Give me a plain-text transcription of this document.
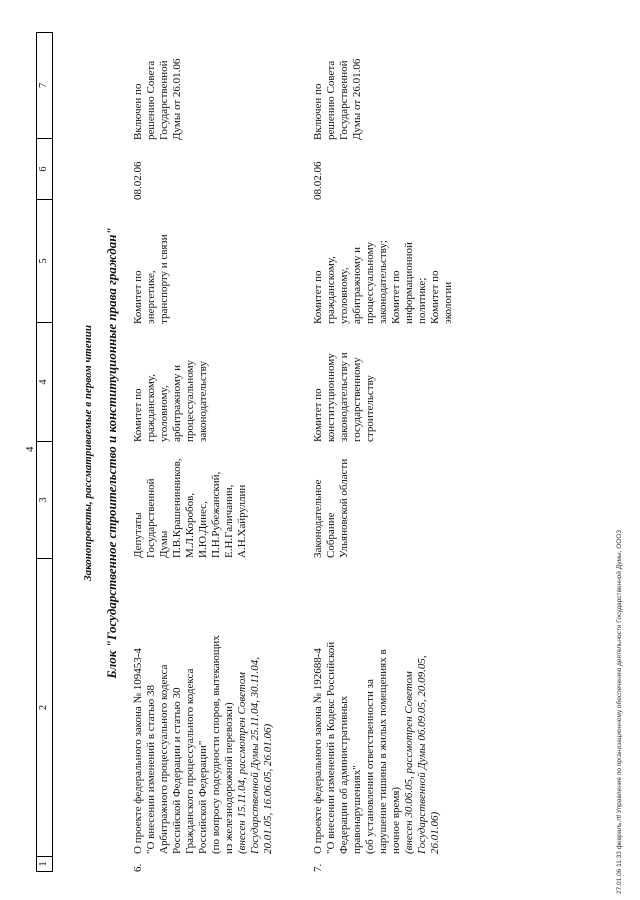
4
1
2
3
4
5
6
7
Законопроекты, рассматриваемые в первом чтении Блок "Государственное строительство и конституционные права граждан"
6.
О проекте федерального закона № 109453-4 "О внесении изменений в статью 38 Арбитражного процессуального кодекса Российской Федерации и статью 30 Гражданского процессуального кодекса Российской Федерации" (по вопросу подсудности споров, вытекающих из железнодорожной перевозки) (внесен 15.11.04, рассмотрен Советом Государственной Думы 25.11.04, 30.11.04, 20.01.05, 16.06.05, 26.01.06)
Депутаты
Государственной
Думы
П.В.Крашенинников,
М.Л.Коробов,
И.Ю.Динес,
П.Н.Рубежанский,
Е.Н.Галичанин,
А.Н.Хайруллин
Комитет по
гражданскому,
уголовному,
арбитражному и
процессуальному
законодательству
Комитет по
энергетике,
транспорту и связи
08.02.06
Включен по
решению Совета
Государственной
Думы от 26.01.06
7.
О проекте федерального закона № 192688-4 "О внесении изменений в Кодекс Российской Федерации об административных правонарушениях" (об установлении ответственности за нарушение тишины в жилых помещениях в ночное время) (внесен 30.06.05, рассмотрен Советом Государственной Думы 06.09.05, 20.09.05, 26.01.06)
Законодательное
Собрание
Ульяновской области
Комитет по
конституционному
законодательству и
государственному
строительству
Комитет по
гражданскому,
уголовному,
арбитражному и
процессуальному
законодательству;
Комитет по
информационной
политике;
Комитет по
экологии
08.02.06
Включен по
решению Совета
Государственной
Думы от 26.01.06
27.01.06 11:33 февраль.rtf Управление по организационному обеспечению деятельности Государственной Думы, ООО3
